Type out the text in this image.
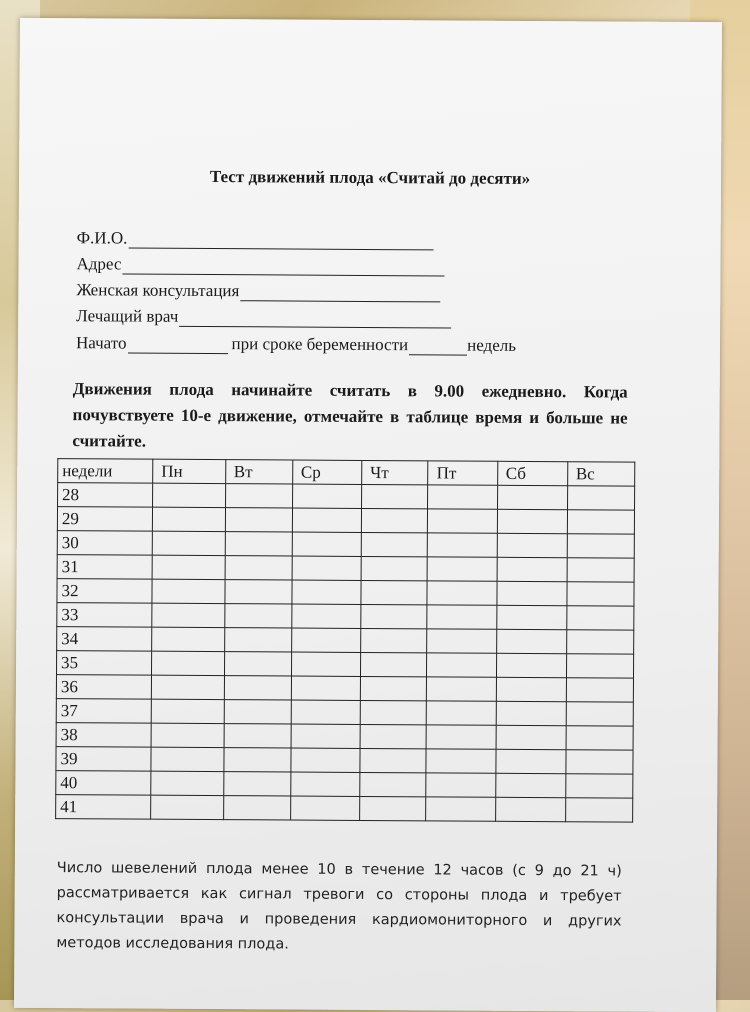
Тест движений плода «Считай до десяти»
Ф.И.О.
Адрес
Женская консультация
Лечащий врач
Начато	при сроке беременности	недель
Движения плода начинайте считать в 9.00 ежедневно. Когда почувствуете 10-е движение, отмечайте в таблице время и больше не считайте.
недели	Пн	Вт	Ср	Чт	Пт	Сб	Вс
28							
29							
30							
31							
32							
33							
34							
35							
36							
37							
38							
39							
40							
41							
Число шевелений плода менее 10 в течение 12 часов (с 9 до 21 ч) рассматривается как сигнал тревоги со стороны плода и требует консультации врача и проведения кардиомониторного и других методов исследования плода.
